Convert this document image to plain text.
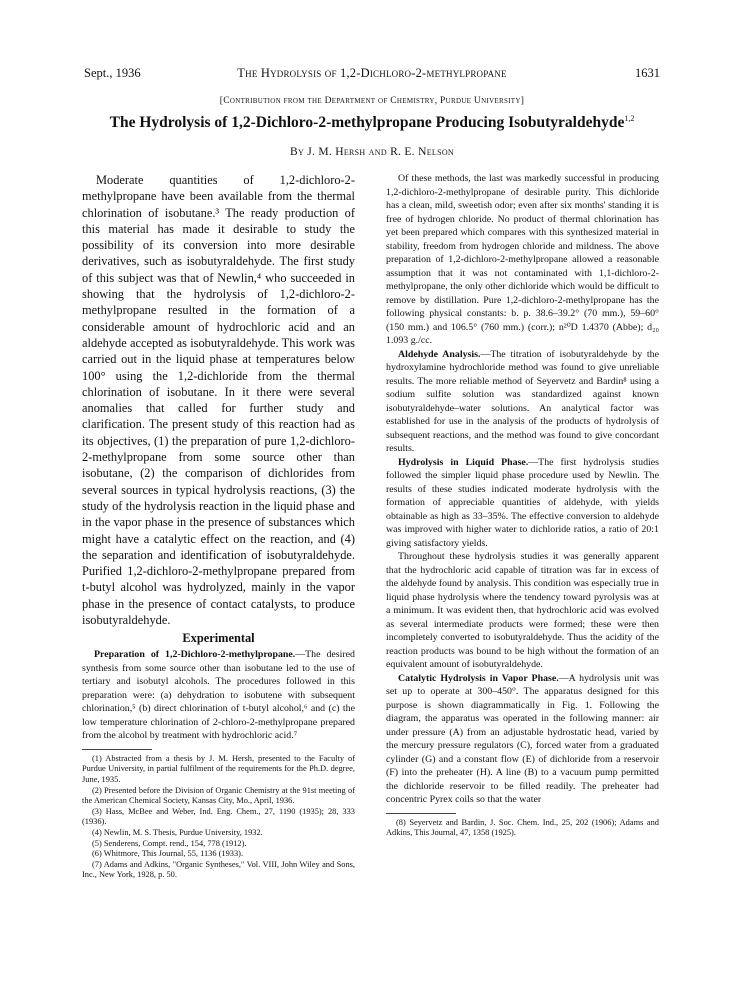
Sept., 1936	The Hydrolysis of 1,2-Dichloro-2-methylpropane	1631
[Contribution from the Department of Chemistry, Purdue University]
The Hydrolysis of 1,2-Dichloro-2-methylpropane Producing Isobutyraldehyde$^{1,2}$
By J. M. Hersh and R. E. Nelson

Moderate quantities of 1,2-dichloro-2-methylpropane have been available from the thermal chlorination of isobutane.³ The ready production of this material has made it desirable to study the possibility of its conversion into more desirable derivatives, such as isobutyraldehyde. The first study of this subject was that of Newlin,⁴ who succeeded in showing that the hydrolysis of 1,2-dichloro-2-methylpropane resulted in the formation of a considerable amount of hydrochloric acid and an aldehyde accepted as isobutyraldehyde. This work was carried out in the liquid phase at temperatures below 100° using the 1,2-dichloride from the thermal chlorination of isobutane. In it there were several anomalies that called for further study and clarification. The present study of this reaction had as its objectives, (1) the preparation of pure 1,2-dichloro-2-methylpropane from some source other than isobutane, (2) the comparison of dichlorides from several sources in typical hydrolysis reactions, (3) the study of the hydrolysis reaction in the liquid phase and in the vapor phase in the presence of substances which might have a catalytic effect on the reaction, and (4) the separation and identification of isobutyraldehyde. Purified 1,2-dichloro-2-methylpropane prepared from t-butyl alcohol was hydrolyzed, mainly in the vapor phase in the presence of contact catalysts, to produce isobutyraldehyde.

Experimental

Preparation of 1,2-Dichloro-2-methylpropane.—The desired synthesis from some source other than isobutane led to the use of tertiary and isobutyl alcohols. The procedures followed in this preparation were: (a) dehydration to isobutene with subsequent chlorination,⁵ (b) direct chlorination of t-butyl alcohol,⁶ and (c) the low temperature chlorination of 2-chloro-2-methylpropane prepared from the alcohol by treatment with hydrochloric acid.⁷

(1) Abstracted from a thesis by J. M. Hersh, presented to the Faculty of Purdue University, in partial fulfilment of the requirements for the Ph.D. degree, June, 1935.

(2) Presented before the Division of Organic Chemistry at the 91st meeting of the American Chemical Society, Kansas City, Mo., April, 1936.

(3) Hass, McBee and Weber, Ind. Eng. Chem., 27, 1190 (1935); 28, 333 (1936).

(4) Newlin, M. S. Thesis, Purdue University, 1932.

(5) Senderens, Compt. rend., 154, 778 (1912).

(6) Whitmore, This Journal, 55, 1136 (1933).

(7) Adams and Adkins, "Organic Syntheses," Vol. VIII, John Wiley and Sons, Inc., New York, 1928, p. 50.

Of these methods, the last was markedly successful in producing 1,2-dichloro-2-methylpropane of desirable purity. This dichloride has a clean, mild, sweetish odor; even after six months' standing it is free of hydrogen chloride. No product of thermal chlorination has yet been prepared which compares with this synthesized material in stability, freedom from hydrogen chloride and mildness. The above preparation of 1,2-dichloro-2-methylpropane allowed a reasonable assumption that it was not contaminated with 1,1-dichloro-2-methylpropane, the only other dichloride which would be difficult to remove by distillation. Pure 1,2-dichloro-2-methylpropane has the following physical constants: b. p. 38.6–39.2° (70 mm.), 59–60° (150 mm.) and 106.5° (760 mm.) (corr.); n²⁰D 1.4370 (Abbe); d₂₀ 1.093 g./cc.

Aldehyde Analysis.—The titration of isobutyraldehyde by the hydroxylamine hydrochloride method was found to give unreliable results. The more reliable method of Seyervetz and Bardin⁸ using a sodium sulfite solution was standardized against known isobutyraldehyde–water solutions. An analytical factor was established for use in the analysis of the products of hydrolysis of subsequent reactions, and the method was found to give concordant results.

Hydrolysis in Liquid Phase.—The first hydrolysis studies followed the simpler liquid phase procedure used by Newlin. The results of these studies indicated moderate hydrolysis with the formation of appreciable quantities of aldehyde, with yields obtainable as high as 33–35%. The effective conversion to aldehyde was improved with higher water to dichloride ratios, a ratio of 20:1 giving satisfactory yields.

Throughout these hydrolysis studies it was generally apparent that the hydrochloric acid capable of titration was far in excess of the aldehyde found by analysis. This condition was especially true in liquid phase hydrolysis where the tendency toward pyrolysis was at a minimum. It was evident then, that hydrochloric acid was evolved as several intermediate products were formed; these were then incompletely converted to isobutyraldehyde. Thus the acidity of the reaction products was bound to be high without the formation of an equivalent amount of isobutyraldehyde.

Catalytic Hydrolysis in Vapor Phase.—A hydrolysis unit was set up to operate at 300–450°. The apparatus designed for this purpose is shown diagrammatically in Fig. 1. Following the diagram, the apparatus was operated in the following manner: air under pressure (A) from an adjustable hydrostatic head, varied by the mercury pressure regulators (C), forced water from a graduated cylinder (G) and a constant flow (E) of dichloride from a reservoir (F) into the preheater (H). A line (B) to a vacuum pump permitted the dichloride reservoir to be filled readily. The preheater had concentric Pyrex coils so that the water

(8) Seyervetz and Bardin, J. Soc. Chem. Ind., 25, 202 (1906); Adams and Adkins, This Journal, 47, 1358 (1925).
